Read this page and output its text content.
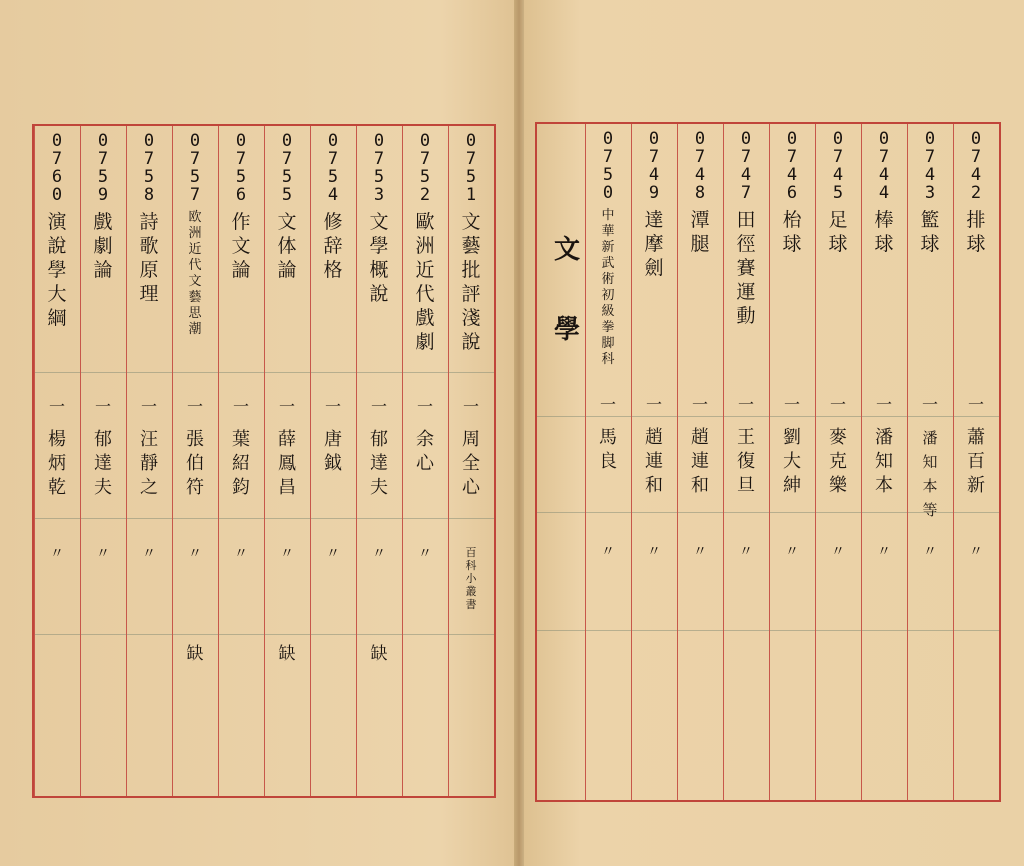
0
7
5
1
文
藝
批
評
淺
說
一
周
全
心
百
科
小
叢
書
0
7
5
2
歐
洲
近
代
戲
劇
一
余
心
〃
0
7
5
3
文
學
概
說
一
郁
達
夫
〃
缺
0
7
5
4
修
辞
格
一
唐
鉞
〃
0
7
5
5
文
体
論
一
薛
鳳
昌
〃
缺
0
7
5
6
作
文
論
一
葉
紹
鈞
〃
0
7
5
7
欧
洲
近
代
文
藝
思
潮
一
張
伯
符
〃
缺
0
7
5
8
詩
歌
原
理
一
汪
靜
之
〃
0
7
5
9
戲
劇
論
一
郁
達
夫
〃
0
7
6
0
演
說
學
大
綱
一
楊
炳
乾
〃
文
學
0
7
4
2
排
球
一
蕭
百
新
〃
0
7
4
3
籃
球
一
潘
知
本
等
〃
0
7
4
4
棒
球
一
潘
知
本
〃
0
7
4
5
足
球
一
麥
克
樂
〃
0
7
4
6
枱
球
一
劉
大
紳
〃
0
7
4
7
田
徑
賽
運
動
一
王
復
旦
〃
0
7
4
8
潭
腿
一
趙
連
和
〃
0
7
4
9
達
摩
劍
一
趙
連
和
〃
0
7
5
0
中
華
新
武
術
初
級
拳
脚
科
一
馬
良
〃
